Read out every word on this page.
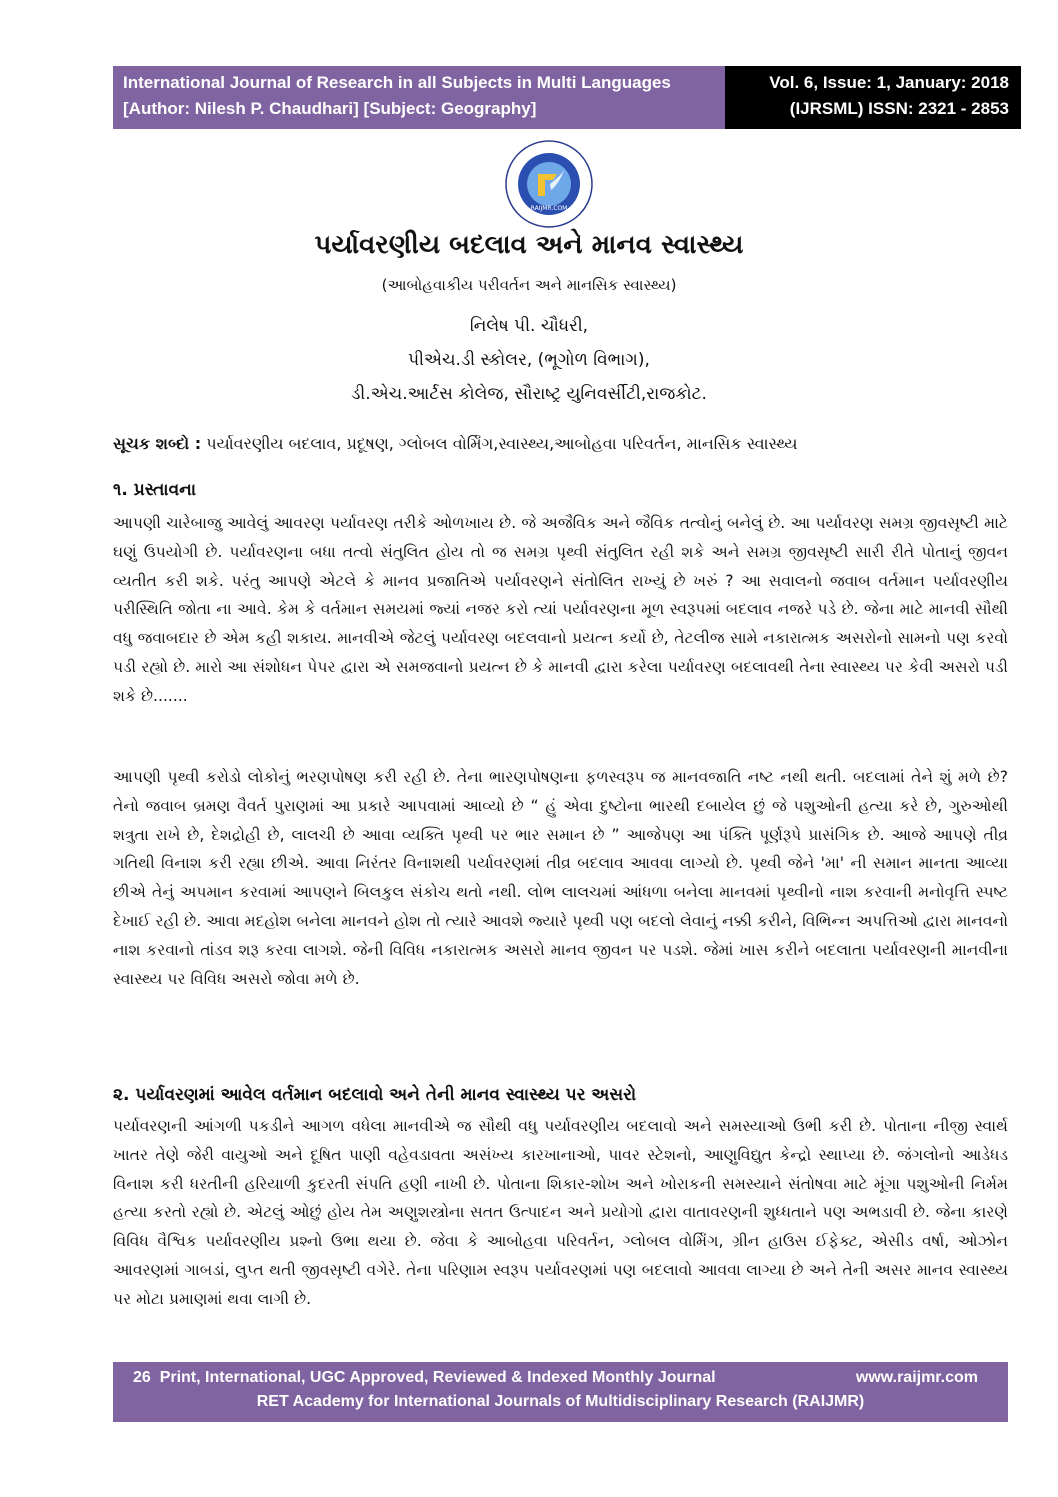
International Journal of Research in all Subjects in Multi Languages
[Author: Nilesh P. Chaudhari] [Subject: Geography]
Vol. 6, Issue: 1, January: 2018
(IJRSML) ISSN: 2321 - 2853
RAIJMR.COM
પર્યાવરણીય બદલાવ અને માનવ સ્વાસ્થ્ય
(આબોહવાકીય પરીવર્તન અને માનસિક સ્વાસ્થ્ય)
નિલેષ પી. ચૌધરી,
પીએચ.ડી સ્કોલર, (ભૂગોળ વિભાગ),
ડી.એચ.આર્ટસ કોલેજ, સૌરાષ્ટ્ર યુનિવર્સીટી,રાજકોટ.
સૂચક શબ્દો : પર્યાવરણીય બદલાવ, પ્રદૂષણ, ગ્લોબલ વોર્મિંગ,સ્વાસ્થ્ય,આબોહવા પરિવર્તન, માનસિક સ્વાસ્થ્ય
૧. પ્રસ્તાવના
આપણી ચારેબાજુ આવેલું આવરણ પર્યાવરણ તરીકે ઓળખાય છે. જે અજૈવિક અને જૈવિક તત્વોનું બનેલું છે. આ પર્યાવરણ સમગ્ર જીવસૃષ્ટી માટે ઘણું ઉપયોગી છે. પર્યાવરણના બધા તત્વો સંતુલિત હોય તો જ સમગ્ર પૃથ્વી સંતુલિત રહી શકે અને સમગ્ર જીવસૃષ્ટી સારી રીતે પોતાનું જીવન વ્યતીત કરી શકે. પરંતુ આપણે એટલે કે માનવ પ્રજાતિએ પર્યાવરણને સંતોલિત રાખ્યું છે ખરું ? આ સવાલનો જવાબ વર્તમાન પર્યાવરણીય પરીસ્થિતિ જોતા ના આવે. કેમ કે વર્તમાન સમયમાં જ્યાં નજર કરો ત્યાં પર્યાવરણના મૂળ સ્વરૂપમાં બદલાવ નજરે પડે છે. જેના માટે માનવી સૌથી વધુ જવાબદાર છે એમ કહી શકાય. માનવીએ જેટલું પર્યાવરણ બદલવાનો પ્રયત્ન કર્યો છે, તેટલીજ સામે નકારાત્મક અસરોનો સામનો પણ કરવો પડી રહ્યો છે. મારો આ સંશોધન પેપર દ્વારા એ સમજવાનો પ્રયત્ન છે કે માનવી દ્વારા કરેલા પર્યાવરણ બદલાવથી તેના સ્વાસ્થ્ય પર કેવી અસરો પડી શકે છે.......
આપણી પૃથ્વી કરોડો લોકોનું ભરણપોષણ કરી રહી છે. તેના ભારણપોષણના ફળસ્વરૂપ જ માનવજાતિ નષ્ટ નથી થતી. બદલામાં તેને શું મળે છે? તેનો જવાબ બ્રમણ વૈવર્ત પુરાણમાં આ પ્રકારે આપવામાં આવ્યો છે “ હું એવા દુષ્ટોના ભારથી દબાયેલ છું જે પશુઓની હત્યા કરે છે, ગુરુઓથી શત્રુતા રાખે છે, દેશદ્રોહી છે, લાલચી છે આવા વ્યક્તિ પૃથ્વી પર ભાર સમાન છે ” આજેપણ આ પંક્તિ પૂર્ણરૂપે પ્રાસંગિક છે. આજે આપણે તીવ્ર ગતિથી વિનાશ કરી રહ્યા છીએ. આવા નિરંતર વિનાશથી પર્યાવરણમાં તીવ્ર બદલાવ આવવા લાગ્યો છે. પૃથ્વી જેને 'મા' ની સમાન માનતા આવ્યા છીએ તેનું અપમાન કરવામાં આપણને બિલકુલ સંકોચ થતો નથી. લોભ લાલચમાં આંધળા બનેલા માનવમાં પૃથ્વીનો નાશ કરવાની મનોવૃત્તિ સ્પષ્ટ દેખાઈ રહી છે. આવા મદહોશ બનેલા માનવને હોશ તો ત્યારે આવશે જ્યારે પૃથ્વી પણ બદલો લેવાનું નક્કી કરીને, વિભિન્ન અપત્તિઓ દ્વારા માનવનો નાશ કરવાનો તાંડવ શરૂ કરવા લાગશે. જેની વિવિધ નકારાત્મક અસરો માનવ જીવન પર પડશે. જેમાં ખાસ કરીને બદલાતા પર્યાવરણની માનવીના સ્વાસ્થ્ય પર વિવિધ અસરો જોવા મળે છે.
૨. પર્યાવરણમાં આવેલ વર્તમાન બદલાવો અને તેની માનવ સ્વાસ્થ્ય પર અસરો
પર્યાવરણની આંગળી પકડીને આગળ વધેલા માનવીએ જ સૌથી વધુ પર્યાવરણીય બદલાવો અને સમસ્યાઓ ઉભી કરી છે. પોતાના નીજી સ્વાર્થ ખાતર તેણે જેરી વાયુઓ અને દૂષિત પાણી વહેવડાવતા અસંખ્ય કારખાનાઓ, પાવર સ્ટેશનો, આણુવિદ્યુત કેન્દ્રો સ્થાપ્યા છે. જંગલોનો આડેધડ વિનાશ કરી ધરતીની હરિયાળી કુદરતી સંપતિ હણી નાખી છે. પોતાના શિકાર-શોખ અને ખોરાકની સમસ્યાને સંતોષવા માટે મૂંગા પશુઓની નિર્મમ હત્યા કરતો રહ્યો છે. એટલું ઓછું હોય તેમ અણુશસ્ત્રોના સતત ઉત્પાદન અને પ્રયોગો દ્વારા વાતાવરણની શુધ્ધતાને પણ અભડાવી છે. જેના કારણે વિવિધ વૈશ્વિક પર્યાવરણીય પ્રશ્નો ઉભા થયા છે. જેવા કે આબોહવા પરિવર્તન, ગ્લોબલ વોર્મિંગ, ગ્રીન હાઉસ ઈફેક્ટ, એસીડ વર્ષા, ઓઝોન આવરણમાં ગાબડાં, લુપ્ત થતી જીવસૃષ્ટી વગેરે. તેના પરિણામ સ્વરૂપ પર્યાવરણમાં પણ બદલાવો આવવા લાગ્યા છે અને તેની અસર માનવ સ્વાસ્થ્ય પર મોટા પ્રમાણમાં થવા લાગી છે.
26 Print, International, UGC Approved, Reviewed & Indexed Monthly Journal	www.raijmr.com
RET Academy for International Journals of Multidisciplinary Research (RAIJMR)
